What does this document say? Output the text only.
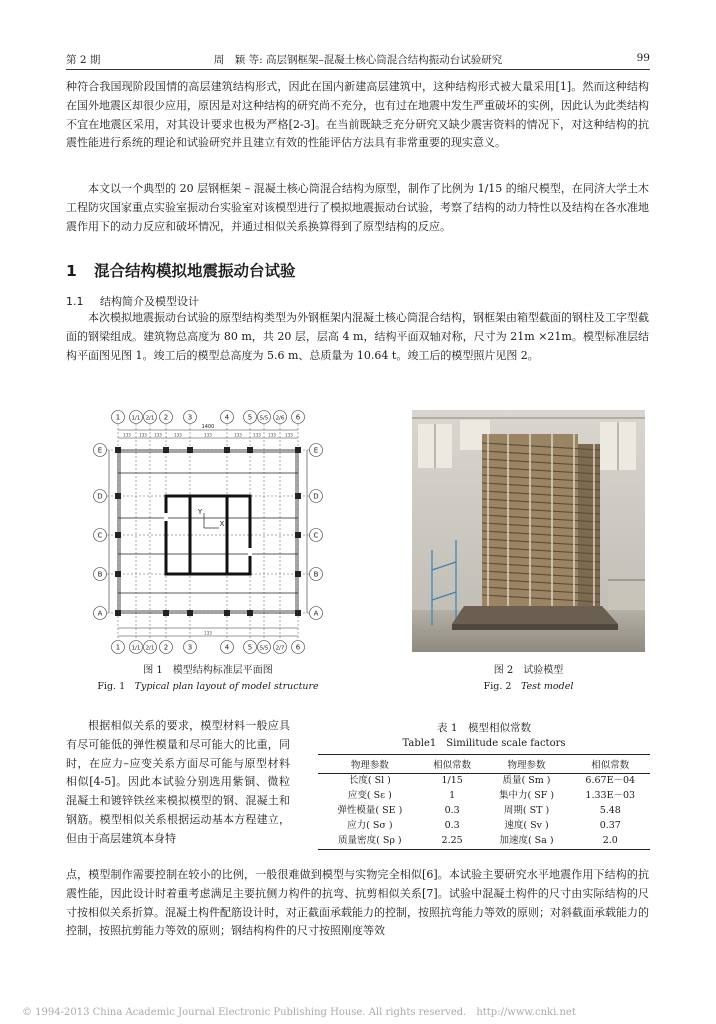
第 2 期	周　颖 等: 高层钢框架–混凝土核心筒混合结构振动台试验研究	99
种符合我国现阶段国情的高层建筑结构形式，因此在国内新建高层建筑中，这种结构形式被大量采用[1]。然而这种结构在国外地震区却很少应用，原因是对这种结构的研究尚不充分，也有过在地震中发生严重破坏的实例，因此认为此类结构不宜在地震区采用，对其设计要求也极为严格[2-3]。在当前既缺乏充分研究又缺少震害资料的情况下，对这种结构的抗震性能进行系统的理论和试验研究并且建立有效的性能评估方法具有非常重要的现实意义。
本文以一个典型的 20 层钢框架 – 混凝土核心筒混合结构为原型，制作了比例为 1/15 的缩尺模型，在同济大学土木工程防灾国家重点实验室振动台实验室对该模型进行了模拟地震振动台试验，考察了结构的动力特性以及结构在各水准地震作用下的动力反应和破坏情况，并通过相似关系换算得到了原型结构的反应。
1 混合结构模拟地震振动台试验
1.1 结构简介及模型设计
本次模拟地震振动台试验的原型结构类型为外钢框架内混凝土核心筒混合结构，钢框架由箱型截面的钢柱及工字型截面的钢梁组成。建筑物总高度为 80 m，共 20 层，层高 4 m，结构平面双轴对称，尺寸为 21m ×21m。模型标准层结构平面图见图 1。竣工后的模型总高度为 5.6 m、总质量为 10.64 t。竣工后的模型照片见图 2。
1 1/1 2/1 2	3	4	5 5/5 2/6 6
1 1/1 2/1 2	3	4	5 5/5 2/7 6
E
D
C
B
A
E
D
C
B
A
1400
X
Y
133 133 133	133	133	133	133 133 133
133
图 1　模型结构标准层平面图
Fig. 1　 Typical plan layout of model structure
图 2　试验模型
Fig. 2　 Test model
根据相似关系的要求，模型材料一般应具有尽可能低的弹性模量和尽可能大的比重，同时，在应力–应变关系方面尽可能与原型材料相似[4-5]。因此本试验分别选用紫铜、微粒混凝土和镀锌铁丝来模拟模型的钢、混凝土和钢筋。模型相似关系根据运动基本方程建立，但由于高层建筑本身特
表 1　模型相似常数
Table1　Similitude scale factors
物理参数	相似常数	物理参数	相似常数
长度( Sl )	1/15	质量( Sm )	6.67E－04
应变( Sε )	1	集中力( SF )	1.33E－03
弹性模量( SE )	0.3	周期( ST )	5.48
应力( Sσ )	0.3	速度( Sv )	0.37
质量密度( Sρ )	2.25	加速度( Sa )	2.0
点，模型制作需要控制在较小的比例，一般很难做到模型与实物完全相似[6]。本试验主要研究水平地震作用下结构的抗震性能，因此设计时着重考虑满足主要抗侧力构件的抗弯、抗剪相似关系[7]。试验中混凝土构件的尺寸由实际结构的尺寸按相似关系折算。混凝土构件配筋设计时，对正截面承载能力的控制，按照抗弯能力等效的原则；对斜截面承载能力的控制，按照抗剪能力等效的原则；钢结构构件的尺寸按照刚度等效
© 1994-2013 China Academic Journal Electronic Publishing House. All rights reserved.　http://www.cnki.net
